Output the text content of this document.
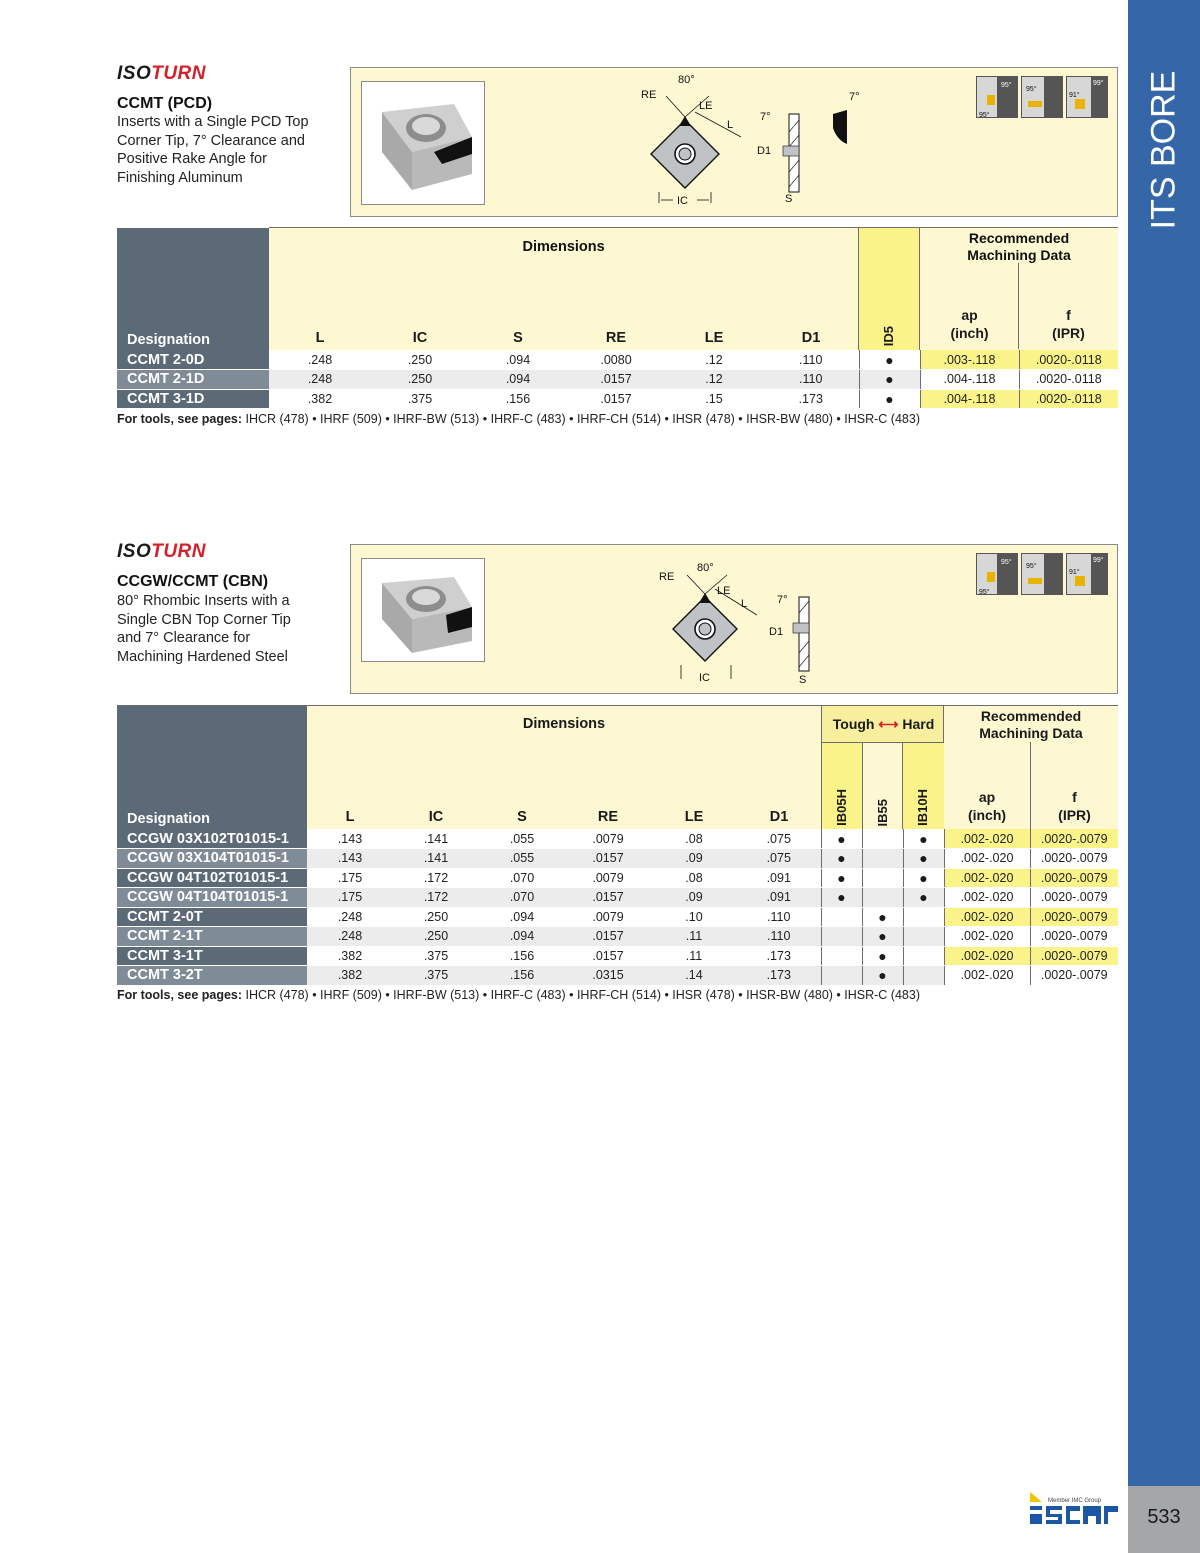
ITS BORE
533
Member IMC Group
ISOTURN
CCMT (PCD)
Inserts with a Single PCD Top Corner Tip, 7° Clearance and Positive Rake Angle for Finishing Aluminum
80°
RE
LE
L
IC
7°
D1
S
7°
95°
95°
95°
91°
99°
Designation	Dimensions	ID5	
Recommended Machining Data

L	IC	S	RE	LE	D1
ap
(inch)
f
(IPR)
CCMT 2-0D	.248	.250	.094	.0080	.12	.110	●	.003-.118	.0020-.0118
CCMT 2-1D	.248	.250	.094	.0157	.12	.110	●	.004-.118	.0020-.0118
CCMT 3-1D	.382	.375	.156	.0157	.15	.173	●	.004-.118	.0020-.0118
For tools, see pages: IHCR (478) • IHRF (509) • IHRF-BW (513) • IHRF-C (483) • IHRF-CH (514) • IHSR (478) • IHSR-BW (480) • IHSR-C (483)
ISOTURN
CCGW/CCMT (CBN)
80° Rhombic Inserts with a Single CBN Top Corner Tip and 7° Clearance for Machining Hardened Steel
80°
RE
LE
L
IC
7°
D1
S
95°
95°
95°
91°
99°
Designation
Dimensions	Tough ⟷ Hard
IB05H IB55 IB10H
Recommended Machining Data
ap
(inch)
f
(IPR)
L	IC	S	RE	LE	D1
CCGW 03X102T01015-1	.143	.141	.055	.0079	.08	.075	●		●	.002-.020	.0020-.0079
CCGW 03X104T01015-1	.143	.141	.055	.0157	.09	.075	●		●	.002-.020	.0020-.0079
CCGW 04T102T01015-1	.175	.172	.070	.0079	.08	.091	●		●	.002-.020	.0020-.0079
CCGW 04T104T01015-1	.175	.172	.070	.0157	.09	.091	●		●	.002-.020	.0020-.0079
CCMT 2-0T	.248	.250	.094	.0079	.10	.110		●		.002-.020	.0020-.0079
CCMT 2-1T	.248	.250	.094	.0157	.11	.110		●		.002-.020	.0020-.0079
CCMT 3-1T	.382	.375	.156	.0157	.11	.173		●		.002-.020	.0020-.0079
CCMT 3-2T	.382	.375	.156	.0315	.14	.173		●		.002-.020	.0020-.0079
For tools, see pages: IHCR (478) • IHRF (509) • IHRF-BW (513) • IHRF-C (483) • IHRF-CH (514) • IHSR (478) • IHSR-BW (480) • IHSR-C (483)
